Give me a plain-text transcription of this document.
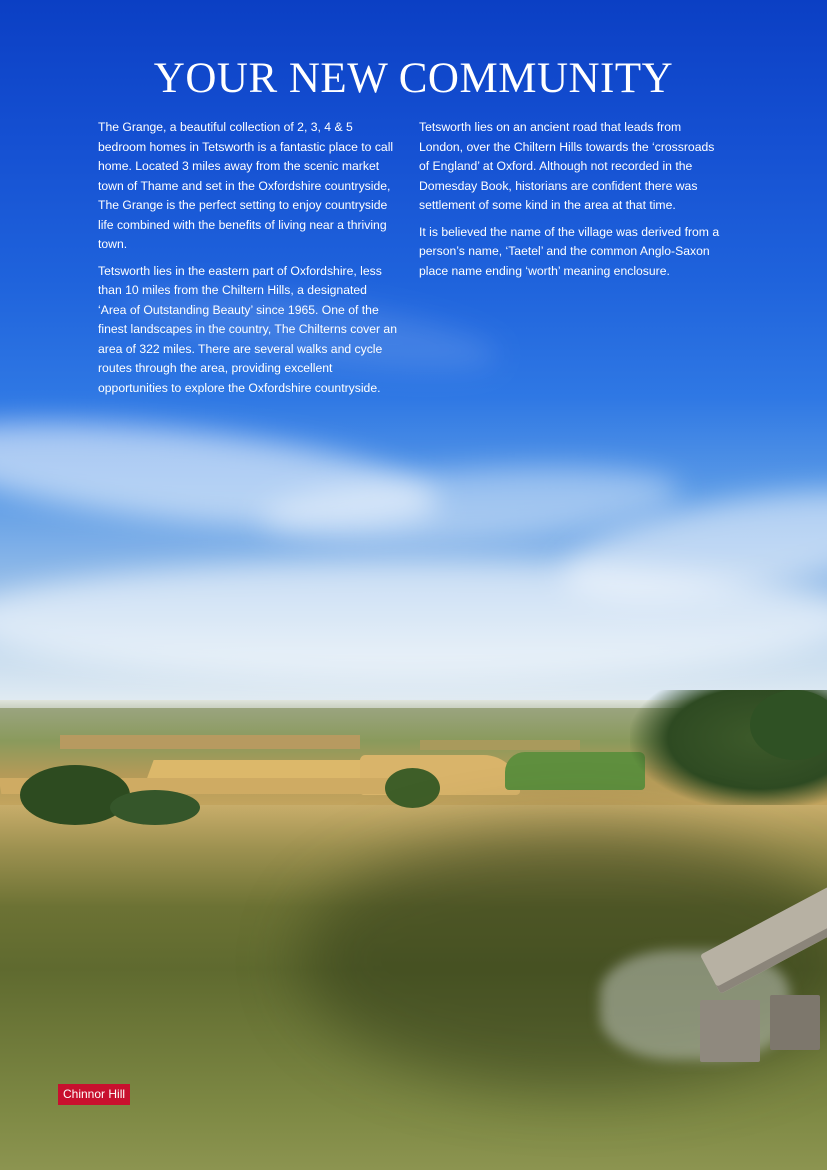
YOUR NEW COMMUNITY

The Grange, a beautiful collection of 2, 3, 4 & 5 bedroom homes in Tetsworth is a fantastic place to call home. Located 3 miles away from the scenic market town of Thame and set in the Oxfordshire countryside, The Grange is the perfect setting to enjoy countryside life combined with the benefits of living near a thriving town.

Tetsworth lies in the eastern part of Oxfordshire, less than 10 miles from the Chiltern Hills, a designated ‘Area of Outstanding Beauty’ since 1965. One of the finest landscapes in the country, The Chilterns cover an area of 322 miles. There are several walks and cycle routes through the area, providing excellent opportunities to explore the Oxfordshire countryside.

Tetsworth lies on an ancient road that leads from London, over the Chiltern Hills towards the ‘crossroads of England’ at Oxford. Although not recorded in the Domesday Book, historians are confident there was settlement of some kind in the area at that time.

It is believed the name of the village was derived from a person’s name, ‘Taetel’ and the common Anglo-Saxon place name ending ‘worth’ meaning enclosure.

Chinnor Hill
